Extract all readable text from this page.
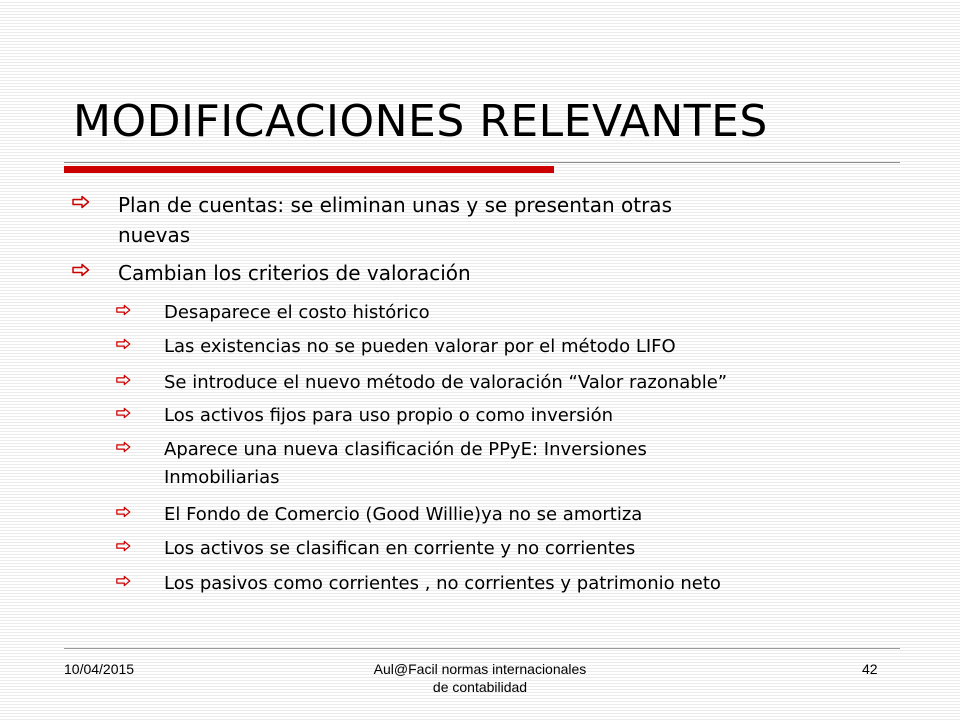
MODIFICACIONES RELEVANTES
Plan de cuentas: se eliminan unas y se presentan otras
nuevas
Cambian los criterios de valoración
Desaparece el costo histórico
Las existencias no se pueden valorar por el método LIFO
Se introduce el nuevo método de valoración “Valor razonable”
Los activos fijos para uso propio o como inversión
Aparece una nueva clasificación de PPyE: Inversiones
Inmobiliarias
El Fondo de Comercio (Good Willie)ya no se amortiza
Los activos se clasifican en corriente y no corrientes
Los pasivos como corrientes , no corrientes y patrimonio neto
10/04/2015	Aul@Facil normas internacionales
de contabilidad
42
